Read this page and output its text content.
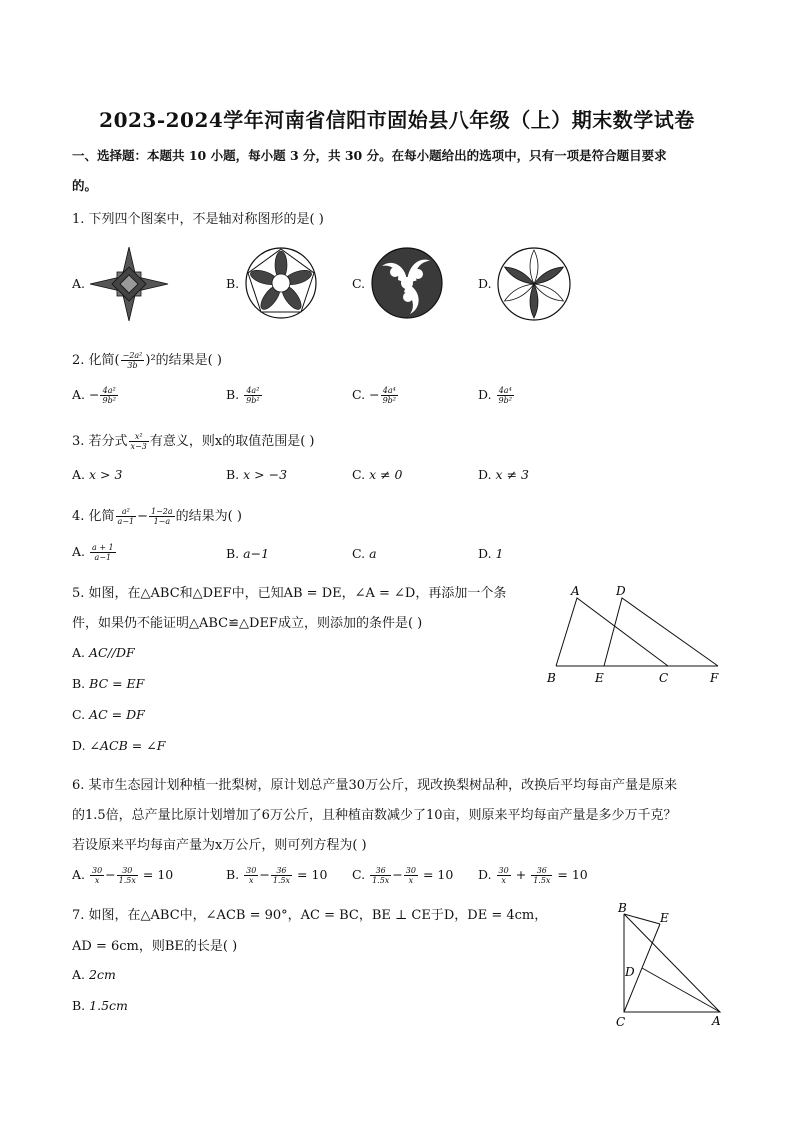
2023-2024学年河南省信阳市固始县八年级（上）期末数学试卷
一、选择题：本题共 10 小题，每小题 3 分，共 30 分。在每小题给出的选项中，只有一项是符合题目要求
的。
1. 下列四个图案中，不是轴对称图形的是( )
A.	B.	C.	D.
2. 化简( $\frac{\text{−2a²}}{3b} )^2$的结果是( )
A. − $\frac{\text{4a²}}{\text{9b²}}$	B. $\frac{\text{4a²}}{\text{9b²}}$	C. − $\frac{\text{4a⁴}}{\text{9b²}}$	D. $\frac{\text{4a⁴}}{\text{9b²}}$
3. 若分式 $\frac{\text{x²}}{x-3}$ 有意义，则x的取值范围是( )
A. x > 3	B. x > −3	C. x ≠ 0	D. x ≠ 3
4. 化简 $\frac{\text{a²}}{a-1} - \frac{1-2a}{1-a}$ 的结果为( )
A. $\frac{a + 1}{a-1}$	B. a−1	C. a	D. 1
5. 如图，在△ABC和△DEF中，已知AB = DE，∠A = ∠D，再添加一个条
件，如果仍不能证明△ABC≌△DEF成立，则添加的条件是( )
A. AC//DF
B. BC = EF
C. AC = DF
D. ∠ACB = ∠F
A	D
B	E	C	F
6. 某市生态园计划种植一批梨树，原计划总产量30万公斤，现改换梨树品种，改换后平均每亩产量是原来
的1.5倍，总产量比原计划增加了6万公斤，且种植亩数减少了10亩，则原来平均每亩产量是多少万千克？
若设原来平均每亩产量为x万公斤，则可列方程为( )
A. $\frac{30}{x} - \frac{30}{1.5x} = 10$	B. $\frac{30}{x} - \frac{36}{1.5x} = 10$ C. $\frac{36}{1.5x} - \frac{30}{x} = 10$ D. $\frac{30}{x} + \frac{36}{1.5x} = 10$
7. 如图，在△ABC中，∠ACB = 90°，AC = BC，BE ⊥ CE于D，DE = 4cm，
AD = 6cm，则BE的长是( )
A. 2cm
B. 1.5cm
B
E
D
C	A
